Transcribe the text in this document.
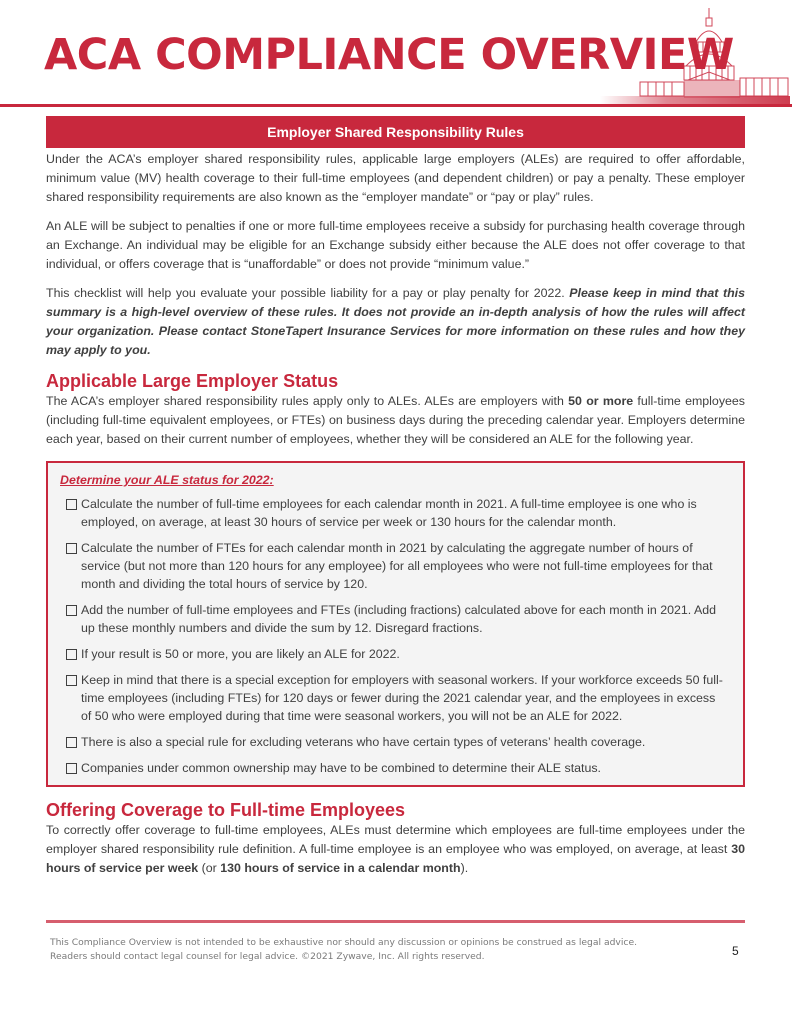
ACA COMPLIANCE OVERVIEW
Employer Shared Responsibility Rules

Under the ACA’s employer shared responsibility rules, applicable large employers (ALEs) are required to offer affordable, minimum value (MV) health coverage to their full-time employees (and dependent children) or pay a penalty. These employer shared responsibility requirements are also known as the “employer mandate” or “pay or play” rules.

An ALE will be subject to penalties if one or more full-time employees receive a subsidy for purchasing health coverage through an Exchange. An individual may be eligible for an Exchange subsidy either because the ALE does not offer coverage to that individual, or offers coverage that is “unaffordable” or does not provide “minimum value.”

This checklist will help you evaluate your possible liability for a pay or play penalty for 2022. Please keep in mind that this summary is a high-level overview of these rules. It does not provide an in-depth analysis of how the rules will affect your organization. Please contact StoneTapert Insurance Services for more information on these rules and how they may apply to you.

Applicable Large Employer Status

The ACA’s employer shared responsibility rules apply only to ALEs. ALEs are employers with 50 or more full-time employees (including full-time equivalent employees, or FTEs) on business days during the preceding calendar year. Employers determine each year, based on their current number of employees, whether they will be considered an ALE for the following year.

Determine your ALE status for 2022:
Calculate the number of full-time employees for each calendar month in 2021. A full-time employee is one who is employed, on average, at least 30 hours of service per week or 130 hours for the calendar month.
Calculate the number of FTEs for each calendar month in 2021 by calculating the aggregate number of hours of service (but not more than 120 hours for any employee) for all employees who were not full-time employees for that month and dividing the total hours of service by 120.
Add the number of full-time employees and FTEs (including fractions) calculated above for each month in 2021. Add up these monthly numbers and divide the sum by 12. Disregard fractions.
If your result is 50 or more, you are likely an ALE for 2022.
Keep in mind that there is a special exception for employers with seasonal workers. If your workforce exceeds 50 full-time employees (including FTEs) for 120 days or fewer during the 2021 calendar year, and the employees in excess of 50 who were employed during that time were seasonal workers, you will not be an ALE for 2022.
There is also a special rule for excluding veterans who have certain types of veterans’ health coverage.
Companies under common ownership may have to be combined to determine their ALE status.
Offering Coverage to Full-time Employees

To correctly offer coverage to full-time employees, ALEs must determine which employees are full-time employees under the employer shared responsibility rule definition. A full-time employee is an employee who was employed, on average, at least 30 hours of service per week (or 130 hours of service in a calendar month).

This Compliance Overview is not intended to be exhaustive nor should any discussion or opinions be construed as legal advice. Readers should contact legal counsel for legal advice. ©2021 Zywave, Inc. All rights reserved.	5
